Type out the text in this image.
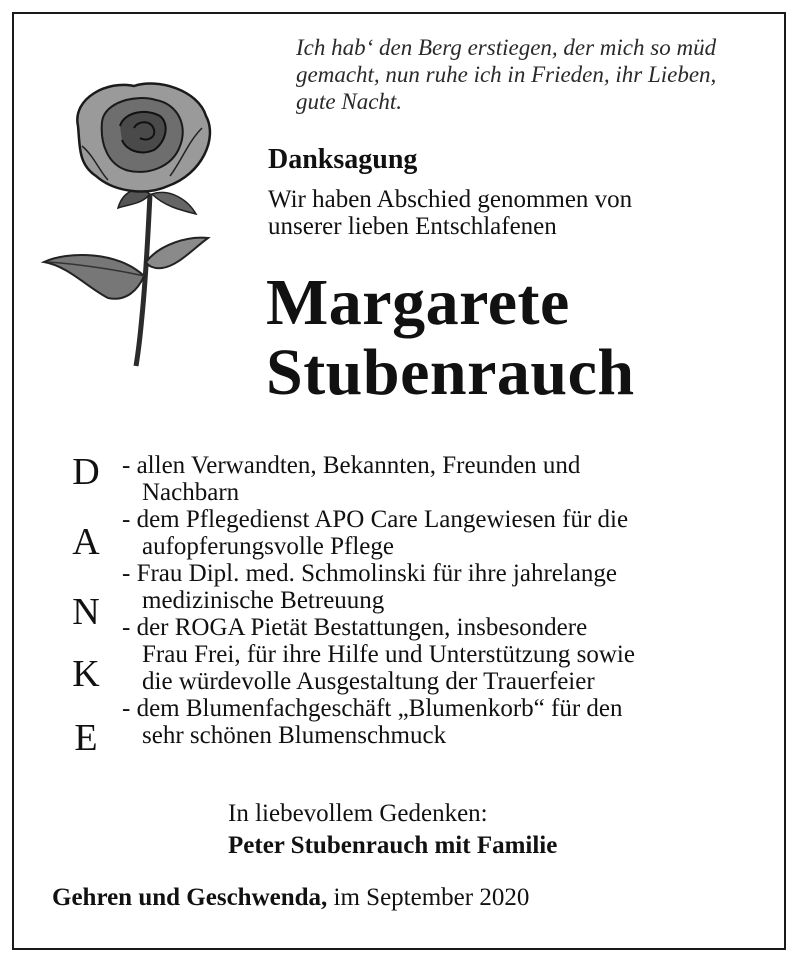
Ich hab‘ den Berg erstiegen, der mich so müd
gemacht, nun ruhe ich in Frieden, ihr Lieben,
gute Nacht.
Danksagung
Wir haben Abschied genommen von
unserer lieben Entschlafenen
Margarete
Stubenrauch
D
A
N
K
E
- allen Verwandten, Bekannten, Freunden und
Nachbarn
- dem Pflegedienst APO Care Langewiesen für die
aufopferungsvolle Pflege
- Frau Dipl. med. Schmolinski für ihre jahrelange
medizinische Betreuung
- der ROGA Pietät Bestattungen, insbesondere
Frau Frei, für ihre Hilfe und Unterstützung sowie
die würdevolle Ausgestaltung der Trauerfeier
- dem Blumenfachgeschäft „Blumenkorb“ für den
sehr schönen Blumenschmuck
In liebevollem Gedenken:
Peter Stubenrauch mit Familie
Gehren und Geschwenda, im September 2020
